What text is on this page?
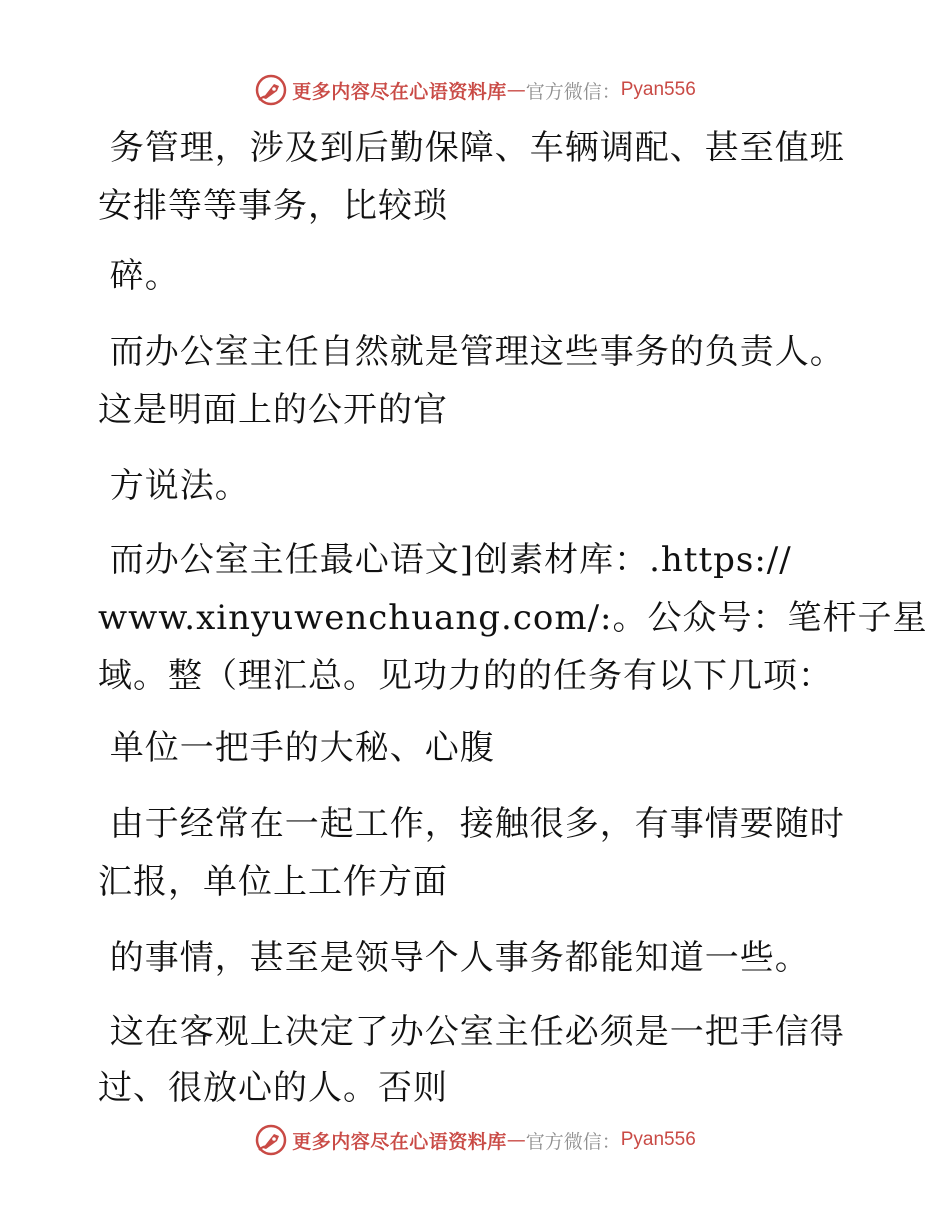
更多内容尽在心语资料库 — 官方微信： Pyan556
务管理，涉及到后勤保障、车辆调配、甚至值班
安排等等事务，比较琐
碎。
而办公室主任自然就是管理这些事务的负责人。
这是明面上的公开的官
方说法。
而办公室主任最心语文]创素材库：.https://
www.xinyuwenchuang.com/:。公众号：笔杆子星
域。整（理汇总。见功力的的任务有以下几项：
单位一把手的大秘、心腹
由于经常在一起工作，接触很多，有事情要随时
汇报，单位上工作方面
的事情，甚至是领导个人事务都能知道一些。
这在客观上决定了办公室主任必须是一把手信得
过、很放心的人。否则
更多内容尽在心语资料库 — 官方微信： Pyan556
